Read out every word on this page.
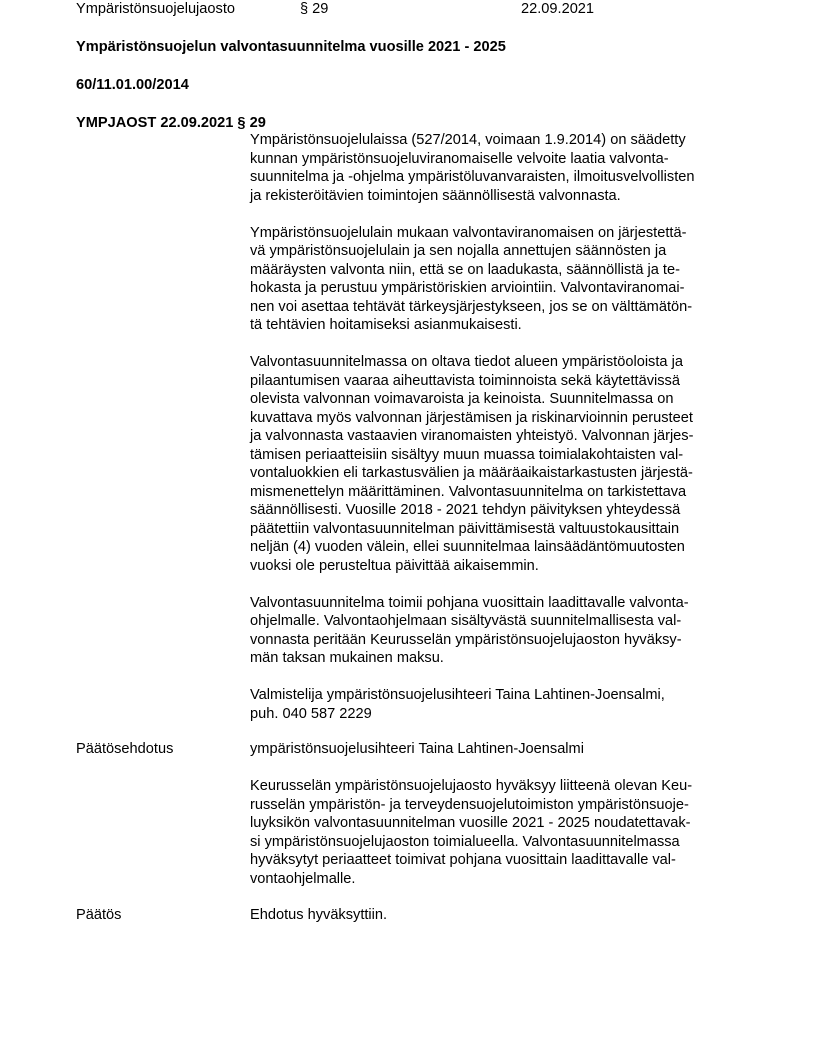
Ympäristönsuojelujaosto	§ 29	22.09.2021
Ympäristönsuojelun valvontasuunnitelma vuosille 2021 - 2025
60/11.01.00/2014
YMPJAOST 22.09.2021 § 29
Ympäristönsuojelulaissa (527/2014, voimaan 1.9.2014) on säädetty
kunnan ympäristönsuojeluviranomaiselle velvoite laatia valvonta-
suunnitelma ja -ohjelma ympäristöluvanvaraisten, ilmoitusvelvollisten
ja rekisteröitävien toimintojen säännöllisestä valvonnasta.
Ympäristönsuojelulain mukaan valvontaviranomaisen on järjestettä-
vä ympäristönsuojelulain ja sen nojalla annettujen säännösten ja
määräysten valvonta niin, että se on laadukasta, säännöllistä ja te-
hokasta ja perustuu ympäristöriskien arviointiin. Valvontaviranomai-
nen voi asettaa tehtävät tärkeysjärjestykseen, jos se on välttämätön-
tä tehtävien hoitamiseksi asianmukaisesti.
Valvontasuunnitelmassa on oltava tiedot alueen ympäristöoloista ja
pilaantumisen vaaraa aiheuttavista toiminnoista sekä käytettävissä
olevista valvonnan voimavaroista ja keinoista. Suunnitelmassa on
kuvattava myös valvonnan järjestämisen ja riskinarvioinnin perusteet
ja valvonnasta vastaavien viranomaisten yhteistyö. Valvonnan järjes-
tämisen periaatteisiin sisältyy muun muassa toimialakohtaisten val-
vontaluokkien eli tarkastusvälien ja määräaikaistarkastusten järjestä-
mismenettelyn määrittäminen. Valvontasuunnitelma on tarkistettava
säännöllisesti. Vuosille 2018 - 2021 tehdyn päivityksen yhteydessä
päätettiin valvontasuunnitelman päivittämisestä valtuustokausittain
neljän (4) vuoden välein, ellei suunnitelmaa lainsäädäntömuutosten
vuoksi ole perusteltua päivittää aikaisemmin.
Valvontasuunnitelma toimii pohjana vuosittain laadittavalle valvonta-
ohjelmalle. Valvontaohjelmaan sisältyvästä suunnitelmallisesta val-
vonnasta peritään Keurusselän ympäristönsuojelujaoston hyväksy-
män taksan mukainen maksu.
Valmistelija ympäristönsuojelusihteeri Taina Lahtinen-Joensalmi,
puh. 040 587 2229
Päätösehdotus	ympäristönsuojelusihteeri Taina Lahtinen-Joensalmi
Keurusselän ympäristönsuojelujaosto hyväksyy liitteenä olevan Keu-
russelän ympäristön- ja terveydensuojelutoimiston ympäristönsuoje-
luyksikön valvontasuunnitelman vuosille 2021 - 2025 noudatettavak-
si ympäristönsuojelujaoston toimialueella. Valvontasuunnitelmassa
hyväksytyt periaatteet toimivat pohjana vuosittain laadittavalle val-
vontaohjelmalle.
Päätös	Ehdotus hyväksyttiin.
